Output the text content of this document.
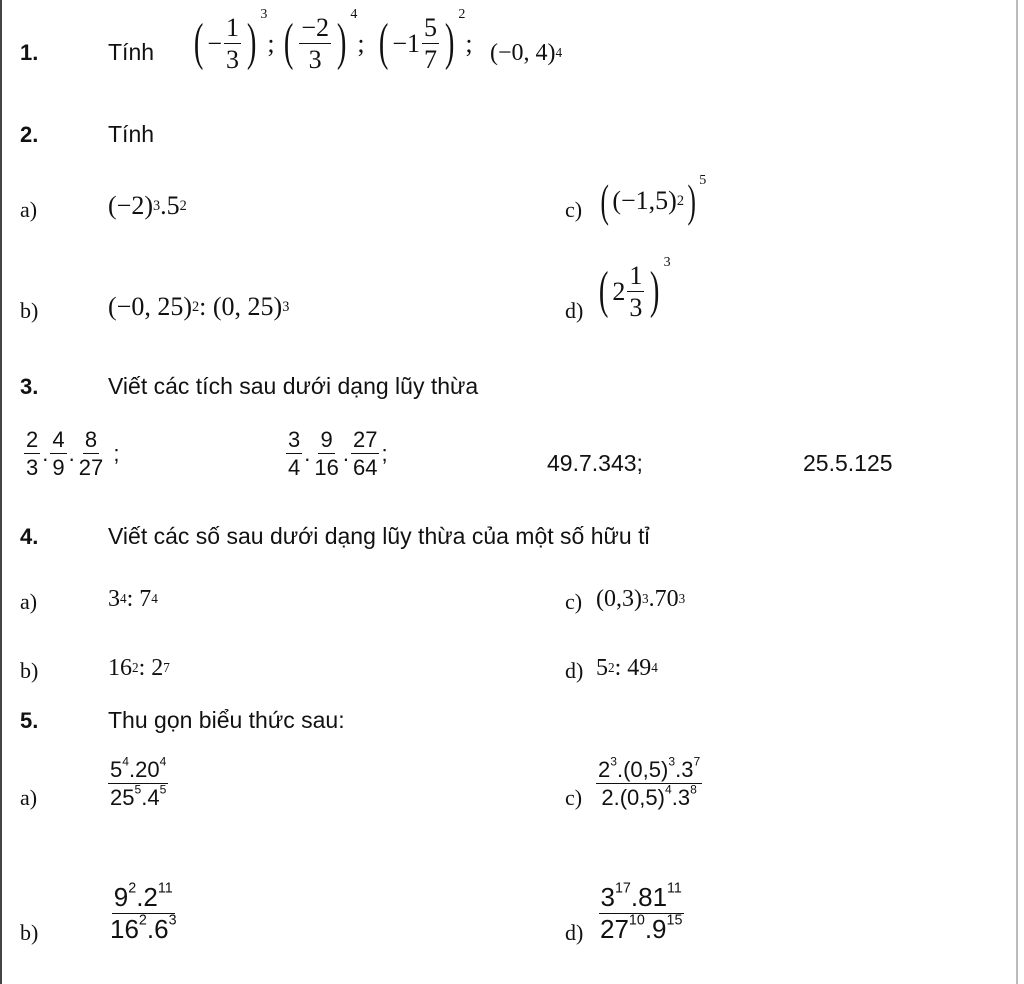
1.	Tính ( − $\frac{1}{3}$ ) 3
; ( $\frac{-2}{3}$ ) 4
; ( $-1 \frac{5}{7}$ ) 2
; (−0, 4) 4
2.	Tính
a)	(−2) 3 .5 2	c) ( (−1,5) 2 ) 5
b)	(−0, 25) 2 : (0, 25) 3	d) ( $2 \frac{1}{3}$ ) 3
3.	Viết các tích sau dưới dạng lũy thừa
$\frac{2}{3}$ . $\frac{4}{9}$ . $\frac{8}{27}$ ;	$\frac{3}{4}$ . $\frac{9}{16}$ . $\frac{27}{64}$ ;	49.7.343;	25.5.125
4.	Viết các số sau dưới dạng lũy thừa của một số hữu tỉ
a)	3 4 : 7 4	c) (0,3) 3 .70 3
b)	16 2 : 2 7	d) 5 2 : 49 4
5.	Thu gọn biểu thức sau:
a)	$\frac{5^4.20^4}{25^5.4^5}$	$c) \frac{2^3.(0,5)^3.3^7}{2.(0,5)^4.3^8}$
b)	$\frac{9^2.2^{11}}{16^2.6^3}$	$d) \frac{3^{17}.81^{11}}{27^{10}.9^{15}}$
